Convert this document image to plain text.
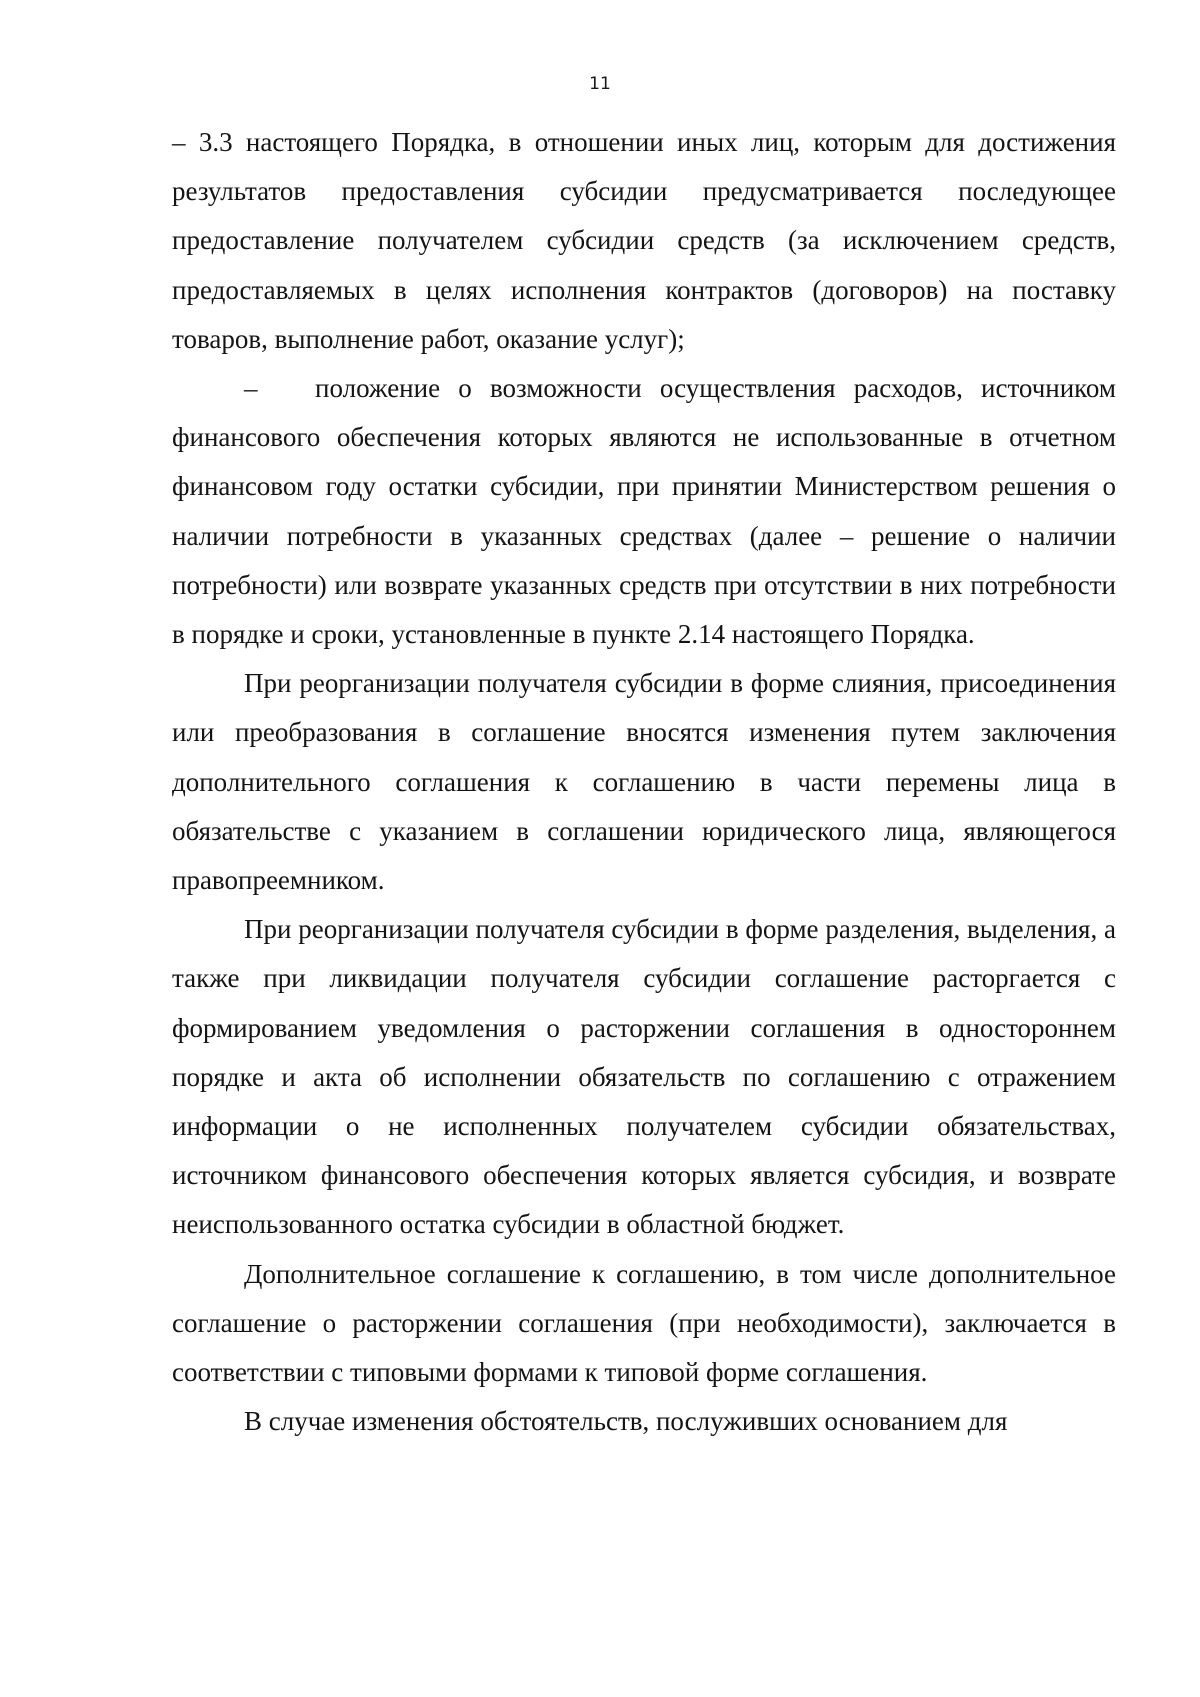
11

– 3.3 настоящего Порядка, в отношении иных лиц, которым для достижения результатов предоставления субсидии предусматривается последующее предоставление получателем субсидии средств (за исключением средств, предоставляемых в целях исполнения контрактов (договоров) на поставку товаров, выполнение работ, оказание услуг);

– положение о возможности осуществления расходов, источником финансового обеспечения которых являются не использованные в отчетном финансовом году остатки субсидии, при принятии Министерством решения о наличии потребности в указанных средствах (далее – решение о наличии потребности) или возврате указанных средств при отсутствии в них потребности в порядке и сроки, установленные в пункте 2.14 настоящего Порядка.

При реорганизации получателя субсидии в форме слияния, присоединения или преобразования в соглашение вносятся изменения путем заключения дополнительного соглашения к соглашению в части перемены лица в обязательстве с указанием в соглашении юридического лица, являющегося правопреемником.

При реорганизации получателя субсидии в форме разделения, выделения, а также при ликвидации получателя субсидии соглашение расторгается с формированием уведомления о расторжении соглашения в одностороннем порядке и акта об исполнении обязательств по соглашению с отражением информации о не исполненных получателем субсидии обязательствах, источником финансового обеспечения которых является субсидия, и возврате неиспользованного остатка субсидии в областной бюджет.

Дополнительное соглашение к соглашению, в том числе дополнительное соглашение о расторжении соглашения (при необходимости), заключается в соответствии с типовыми формами к типовой форме соглашения.

В случае изменения обстоятельств, послуживших основанием для
